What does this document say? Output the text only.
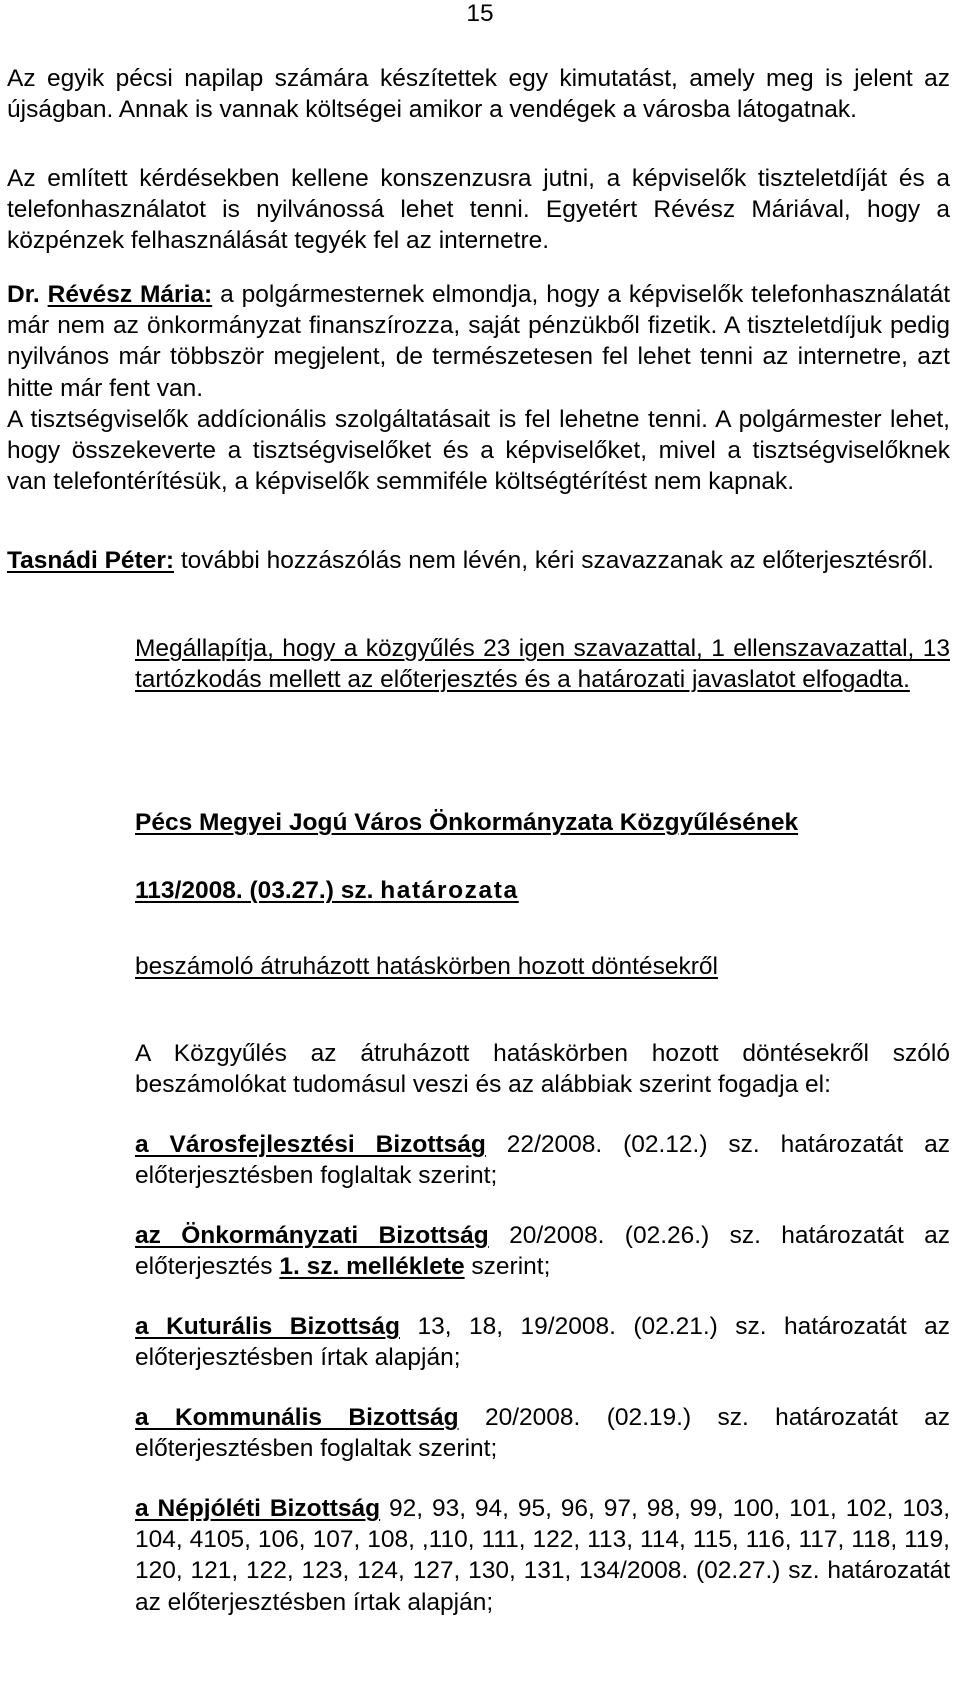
15

Az egyik pécsi napilap számára készítettek egy kimutatást, amely meg is jelent az újságban. Annak is vannak költségei amikor a vendégek a városba látogatnak.

Az említett kérdésekben kellene konszenzusra jutni, a képviselők tiszteletdíját és a telefonhasználatot is nyilvánossá lehet tenni. Egyetért Révész Máriával, hogy a közpénzek felhasználását tegyék fel az internetre.

Dr. Révész Mária: a polgármesternek elmondja, hogy a képviselők telefonhasználatát már nem az önkormányzat finanszírozza, saját pénzükből fizetik. A tiszteletdíjuk pedig nyilvános már többször megjelent, de természetesen fel lehet tenni az internetre, azt hitte már fent van.

A tisztségviselők addícionális szolgáltatásait is fel lehetne tenni. A polgármester lehet, hogy összekeverte a tisztségviselőket és a képviselőket, mivel a tisztségviselőknek van telefontérítésük, a képviselők semmiféle költségtérítést nem kapnak.

Tasnádi Péter: további hozzászólás nem lévén, kéri szavazzanak az előterjesztésről.

Megállapítja, hogy a közgyűlés 23 igen szavazattal, 1 ellenszavazattal, 13 tartózkodás mellett az előterjesztés és a határozati javaslatot elfogadta.

Pécs Megyei Jogú Város Önkormányzata Közgyűlésének
113/2008. (03.27.) sz. határozata
beszámoló átruházott hatáskörben hozott döntésekről

A Közgyűlés az átruházott hatáskörben hozott döntésekről szóló beszámolókat tudomásul veszi és az alábbiak szerint fogadja el:

a Városfejlesztési Bizottság 22/2008. (02.12.) sz. határozatát az előterjesztésben foglaltak szerint;

az Önkormányzati Bizottság 20/2008. (02.26.) sz. határozatát az előterjesztés 1. sz. melléklete szerint;

a Kuturális Bizottság 13, 18, 19/2008. (02.21.) sz. határozatát az előterjesztésben írtak alapján;

a Kommunális Bizottság 20/2008. (02.19.) sz. határozatát az előterjesztésben foglaltak szerint;

a Népjóléti Bizottság 92, 93, 94, 95, 96, 97, 98, 99, 100, 101, 102, 103, 104, 4105, 106, 107, 108, ,110, 111, 122, 113, 114, 115, 116, 117, 118, 119, 120, 121, 122, 123, 124, 127, 130, 131, 134/2008. (02.27.) sz. határozatát az előterjesztésben írtak alapján;
